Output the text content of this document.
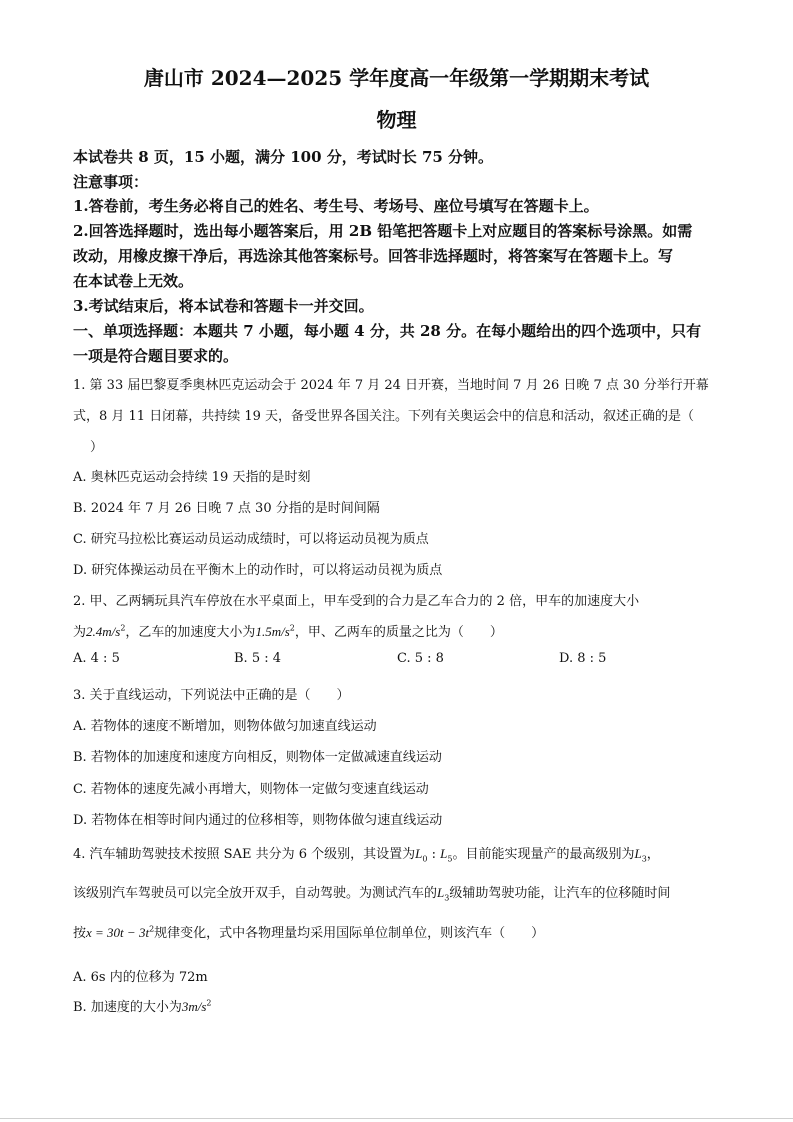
唐山市 2024—2025 学年度高一年级第一学期期末考试
物理
本试卷共 8 页，15 小题，满分 100 分，考试时长 75 分钟。
注意事项：
1.答卷前，考生务必将自己的姓名、考生号、考场号、座位号填写在答题卡上。
2.回答选择题时，选出每小题答案后，用 2B 铅笔把答题卡上对应题目的答案标号涂黑。如需
改动，用橡皮擦干净后，再选涂其他答案标号。回答非选择题时，将答案写在答题卡上。写
在本试卷上无效。
3.考试结束后，将本试卷和答题卡一并交回。
一、单项选择题：本题共 7 小题，每小题 4 分，共 28 分。在每小题给出的四个选项中，只有
一项是符合题目要求的。
1. 第 33 届巴黎夏季奥林匹克运动会于 2024 年 7 月 24 日开赛，当地时间 7 月 26 日晚 7 点 30 分举行开幕
式，8 月 11 日闭幕，共持续 19 天，备受世界各国关注。下列有关奥运会中的信息和活动，叙述正确的是（
）
A. 奥林匹克运动会持续 19 天指的是时刻
B. 2024 年 7 月 26 日晚 7 点 30 分指的是时间间隔
C. 研究马拉松比赛运动员运动成绩时，可以将运动员视为质点
D. 研究体操运动员在平衡木上的动作时，可以将运动员视为质点
2. 甲、乙两辆玩具汽车停放在水平桌面上，甲车受到的合力是乙车合力的 2 倍，甲车的加速度大小
为$2.4m/s^2$，乙车的加速度大小为$1.5m/s^2$，甲、乙两车的质量之比为（　　）
A. 4 : 5	B. 5 : 4	C. 5 : 8	D. 8 : 5
3. 关于直线运动，下列说法中正确的是（　　）
A. 若物体的速度不断增加，则物体做匀加速直线运动
B. 若物体的加速度和速度方向相反，则物体一定做减速直线运动
C. 若物体的速度先减小再增大，则物体一定做匀变速直线运动
D. 若物体在相等时间内通过的位移相等，则物体做匀速直线运动
4. 汽车辅助驾驶技术按照 SAE 共分为 6 个级别，其设置为$L_0$ : $L_5$。目前能实现量产的最高级别为$L_3$，
该级别汽车驾驶员可以完全放开双手，自动驾驶。为测试汽车的$L_3$级辅助驾驶功能，让汽车的位移随时间
按$x = 30t - 3t^2$规律变化，式中各物理量均采用国际单位制单位，则该汽车（　　）
A. 6s 内的位移为 72m
B. 加速度的大小为$3m/s^2$
